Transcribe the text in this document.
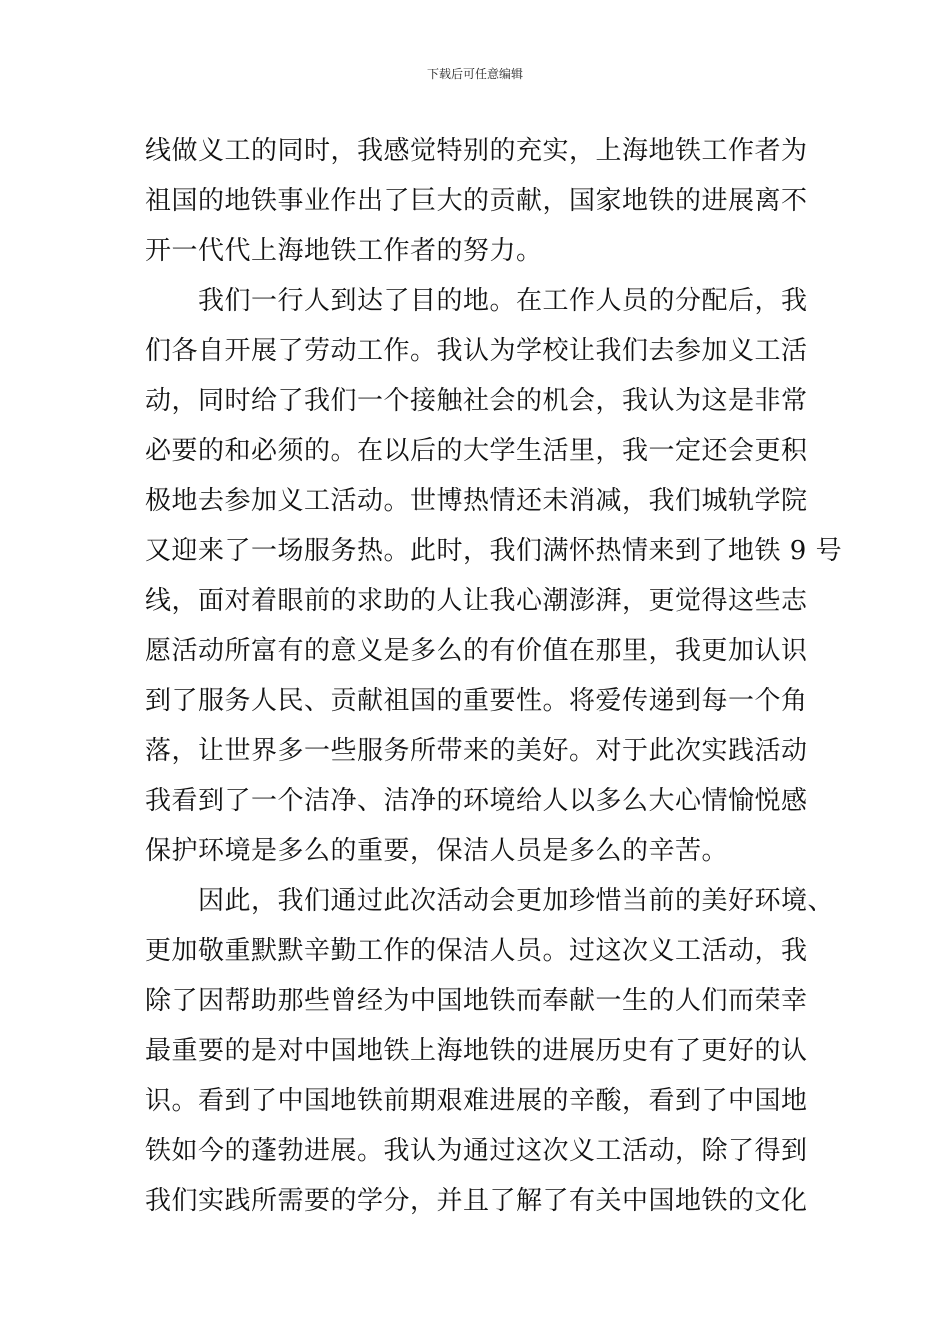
下载后可任意编辑
线做义工的同时，我感觉特别的充实，上海地铁工作者为
祖国的地铁事业作出了巨大的贡献，国家地铁的进展离不
开一代代上海地铁工作者的努力。
　　我们一行人到达了目的地。在工作人员的分配后，我
们各自开展了劳动工作。我认为学校让我们去参加义工活
动，同时给了我们一个接触社会的机会，我认为这是非常
必要的和必须的。在以后的大学生活里，我一定还会更积
极地去参加义工活动。世博热情还未消减，我们城轨学院
又迎来了一场服务热。此时，我们满怀热情来到了地铁 9 号
线，面对着眼前的求助的人让我心潮澎湃，更觉得这些志
愿活动所富有的意义是多么的有价值在那里，我更加认识
到了服务人民、贡献祖国的重要性。将爱传递到每一个角
落，让世界多一些服务所带来的美好。对于此次实践活动
我看到了一个洁净、洁净的环境给人以多么大心情愉悦感
保护环境是多么的重要，保洁人员是多么的辛苦。
　　因此，我们通过此次活动会更加珍惜当前的美好环境、
更加敬重默默辛勤工作的保洁人员。过这次义工活动，我
除了因帮助那些曾经为中国地铁而奉献一生的人们而荣幸
最重要的是对中国地铁上海地铁的进展历史有了更好的认
识。看到了中国地铁前期艰难进展的辛酸，看到了中国地
铁如今的蓬勃进展。我认为通过这次义工活动，除了得到
我们实践所需要的学分，并且了解了有关中国地铁的文化
